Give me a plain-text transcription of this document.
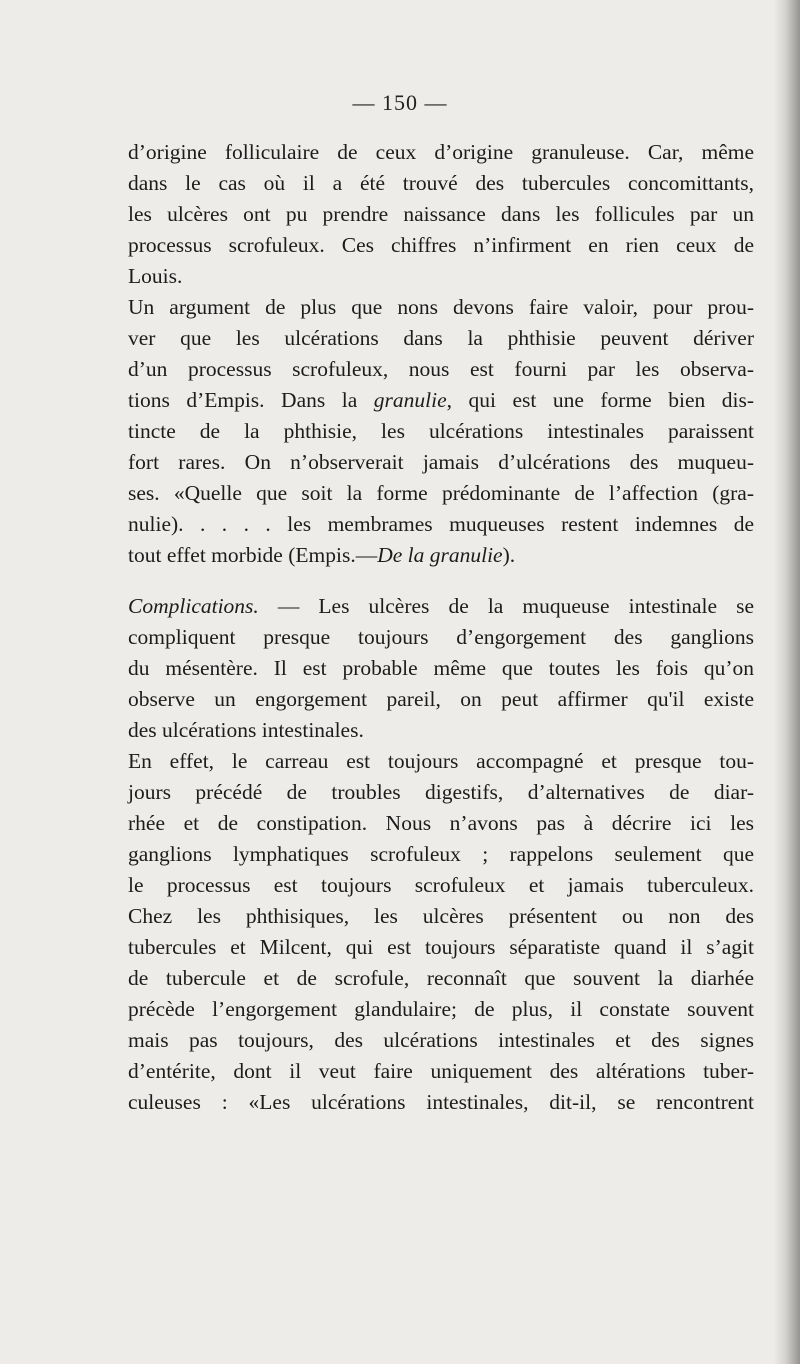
— 150 —
d’origine folliculaire de ceux d’origine granuleuse. Car, même
dans le cas où il a été trouvé des tubercules concomittants,
les ulcères ont pu prendre naissance dans les follicules par un
processus scrofuleux. Ces chiffres n’infirment en rien ceux de
Louis.
Un argument de plus que nons devons faire valoir, pour prou-
ver que les ulcérations dans la phthisie peuvent dériver
d’un processus scrofuleux, nous est fourni par les observa-
tions d’Empis. Dans la granulie, qui est une forme bien dis-
tincte de la phthisie, les ulcérations intestinales paraissent
fort rares. On n’observerait jamais d’ulcérations des muqueu-
ses. «Quelle que soit la forme prédominante de l’affection (gra-
nulie). . . . . les membrames muqueuses restent indemnes de
tout effet morbide (Empis.—De la granulie).
Complications. — Les ulcères de la muqueuse intestinale se
compliquent presque toujours d’engorgement des ganglions
du mésentère. Il est probable même que toutes les fois qu’on
observe un engorgement pareil, on peut affirmer qu'il existe
des ulcérations intestinales.
En effet, le carreau est toujours accompagné et presque tou-
jours précédé de troubles digestifs, d’alternatives de diar-
rhée et de constipation. Nous n’avons pas à décrire ici les
ganglions lymphatiques scrofuleux ; rappelons seulement que
le processus est toujours scrofuleux et jamais tuberculeux.
Chez les phthisiques, les ulcères présentent ou non des
tubercules et Milcent, qui est toujours séparatiste quand il s’agit
de tubercule et de scrofule, reconnaît que souvent la diarhée
précède l’engorgement glandulaire; de plus, il constate souvent
mais pas toujours, des ulcérations intestinales et des signes
d’entérite, dont il veut faire uniquement des altérations tuber-
culeuses : «Les ulcérations intestinales, dit-il, se rencontrent
